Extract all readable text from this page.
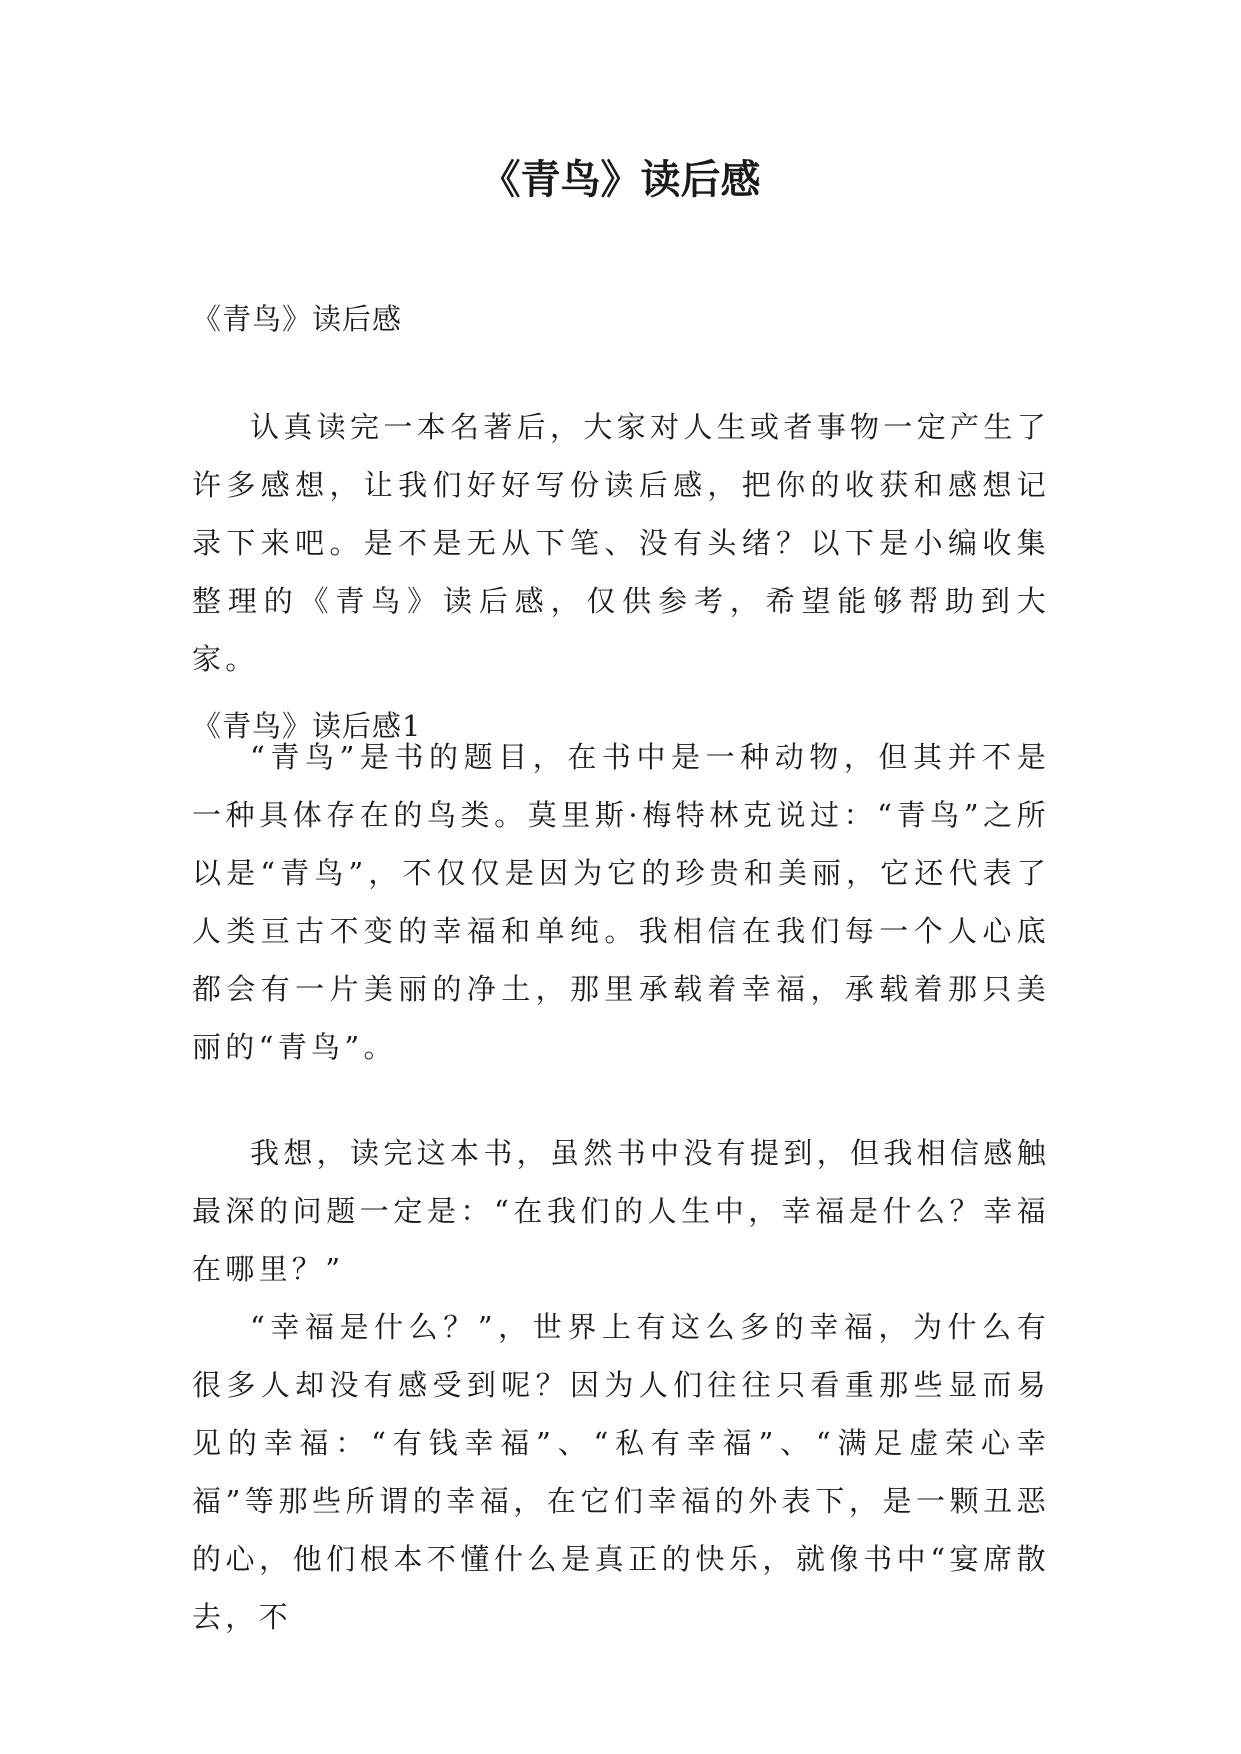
《青鸟》读后感

《青鸟》读后感

认真读完一本名著后，大家对人生或者事物一定产生了许多感想，让我们好好写份读后感，把你的收获和感想记录下来吧。是不是无从下笔、没有头绪？以下是小编收集整理的《青鸟》读后感，仅供参考，希望能够帮助到大家。

《青鸟》读后感1

“青鸟”是书的题目，在书中是一种动物，但其并不是一种具体存在的鸟类。莫里斯·梅特林克说过：“青鸟”之所以是“青鸟”，不仅仅是因为它的珍贵和美丽，它还代表了人类亘古不变的幸福和单纯。我相信在我们每一个人心底都会有一片美丽的净土，那里承载着幸福，承载着那只美丽的“青鸟”。

我想，读完这本书，虽然书中没有提到，但我相信感触最深的问题一定是：“在我们的人生中，幸福是什么？幸福在哪里？”

“幸福是什么？”，世界上有这么多的幸福，为什么有很多人却没有感受到呢？因为人们往往只看重那些显而易见的幸福：“有钱幸福”、“私有幸福”、“满足虚荣心幸福”等那些所谓的幸福，在它们幸福的外表下，是一颗丑恶的心，他们根本不懂什么是真正的快乐，就像书中“宴席散去，不
